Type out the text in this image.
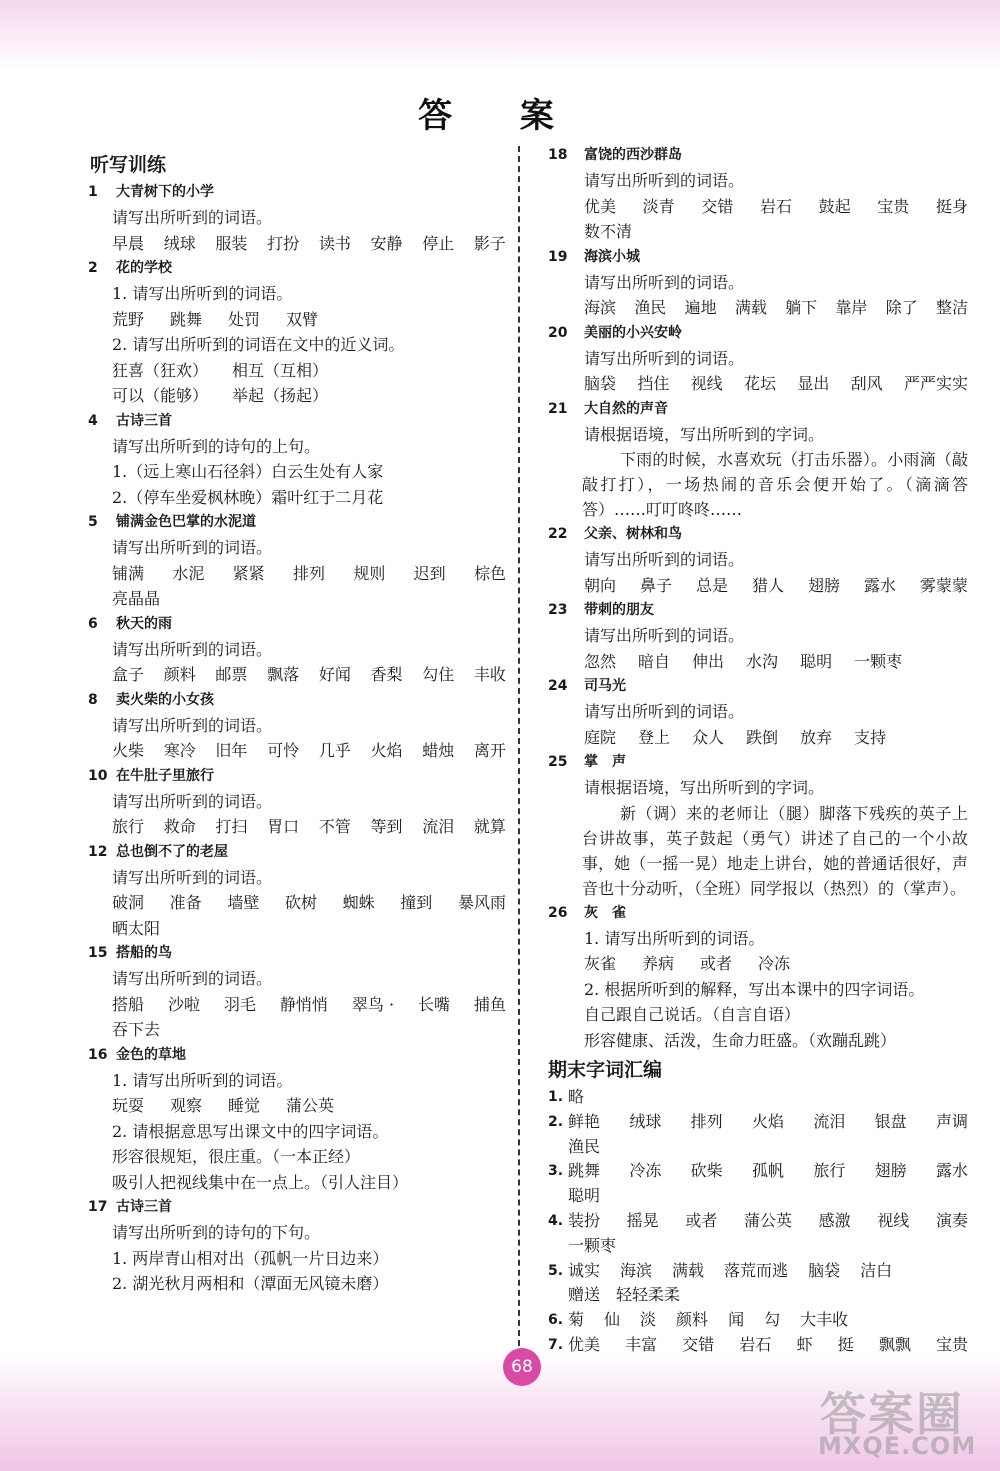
答 案
听写训练
1 大青树下的小学
请写出所听到的词语。
早晨 绒球 服装 打扮 读书 安静 停止 影子
2 花的学校
1. 请写出所听到的词语。
荒野 跳舞 处罚 双臂
2. 请写出所听到的词语在文中的近义词。
狂喜（狂欢） 相互（互相）
可以（能够） 举起（扬起）
4 古诗三首
请写出所听到的诗句的上句。
1.（远上寒山石径斜）白云生处有人家
2.（停车坐爱枫林晚）霜叶红于二月花
5 铺满金色巴掌的水泥道
请写出所听到的词语。
铺满 水泥 紧紧 排列 规则 迟到 棕色
亮晶晶
6 秋天的雨
请写出所听到的词语。
盒子 颜料 邮票 飘落 好闻 香梨 勾住 丰收
8 卖火柴的小女孩
请写出所听到的词语。
火柴 寒冷 旧年 可怜 几乎 火焰 蜡烛 离开
10 在牛肚子里旅行
请写出所听到的词语。
旅行 救命 打扫 胃口 不管 等到 流泪 就算
12 总也倒不了的老屋
请写出所听到的词语。
破洞 准备 墙壁 砍树 蜘蛛 撞到 暴风雨
晒太阳
15 搭船的鸟
请写出所听到的词语。
搭船 沙啦 羽毛 静悄悄 翠鸟 · 长嘴 捕鱼
吞下去
16 金色的草地
1. 请写出所听到的词语。
玩耍 观察 睡觉 蒲公英
2. 请根据意思写出课文中的四字词语。
形容很规矩，很庄重。（一本正经）
吸引人把视线集中在一点上。（引人注目）
17 古诗三首
请写出所听到的诗句的下句。
1. 两岸青山相对出（孤帆一片日边来）
2. 湖光秋月两相和（潭面无风镜未磨）
18 富饶的西沙群岛
请写出所听到的词语。
优美 淡青 交错 岩石 鼓起 宝贵 挺身
数不清
19 海滨小城
请写出所听到的词语。
海滨 渔民 遍地 满载 躺下 靠岸 除了 整洁
20 美丽的小兴安岭
请写出所听到的词语。
脑袋 挡住 视线 花坛 显出 刮风 严严实实
21 大自然的声音
请根据语境，写出所听到的字词。
下雨的时候，水喜欢玩（打击乐器）。小雨滴（敲敲打打），一场热闹的音乐会便开始了。（滴滴答答）……叮叮咚咚……
22 父亲、树林和鸟
请写出所听到的词语。
朝向 鼻子 总是 猎人 翅膀 露水 雾蒙蒙
23 带刺的朋友
请写出所听到的词语。
忽然 暗自 伸出 水沟 聪明 一颗枣
24 司马光
请写出所听到的词语。
庭院 登上 众人 跌倒 放弃 支持
25 掌　声
请根据语境，写出所听到的字词。
新（调）来的老师让（腿）脚落下残疾的英子上台讲故事，英子鼓起（勇气）讲述了自己的一个小故事，她（一摇一晃）地走上讲台，她的普通话很好，声音也十分动听，（全班）同学报以（热烈）的（掌声）。
26 灰　雀
1. 请写出所听到的词语。
灰雀 养病 或者 冷冻
2. 根据所听到的解释，写出本课中的四字词语。
自己跟自己说话。（自言自语）
形容健康、活泼，生命力旺盛。（欢蹦乱跳）
期末字词汇编
1. 略
2. 鲜艳 绒球 排列 火焰 流泪 银盘 声调
渔民
3. 跳舞 冷冻 砍柴 孤帆 旅行 翅膀 露水
聪明
4. 装扮 摇晃 或者 蒲公英 感激 视线 演奏
一颗枣
5. 诚实 海滨 满载 落荒而逃 脑袋 洁白
赠送　轻轻柔柔
6. 菊 仙 淡 颜料 闻 勾 大丰收
7. 优美 丰富 交错 岩石 虾 挺 飘飘 宝贵
68
答案圈
MXQE.COM
